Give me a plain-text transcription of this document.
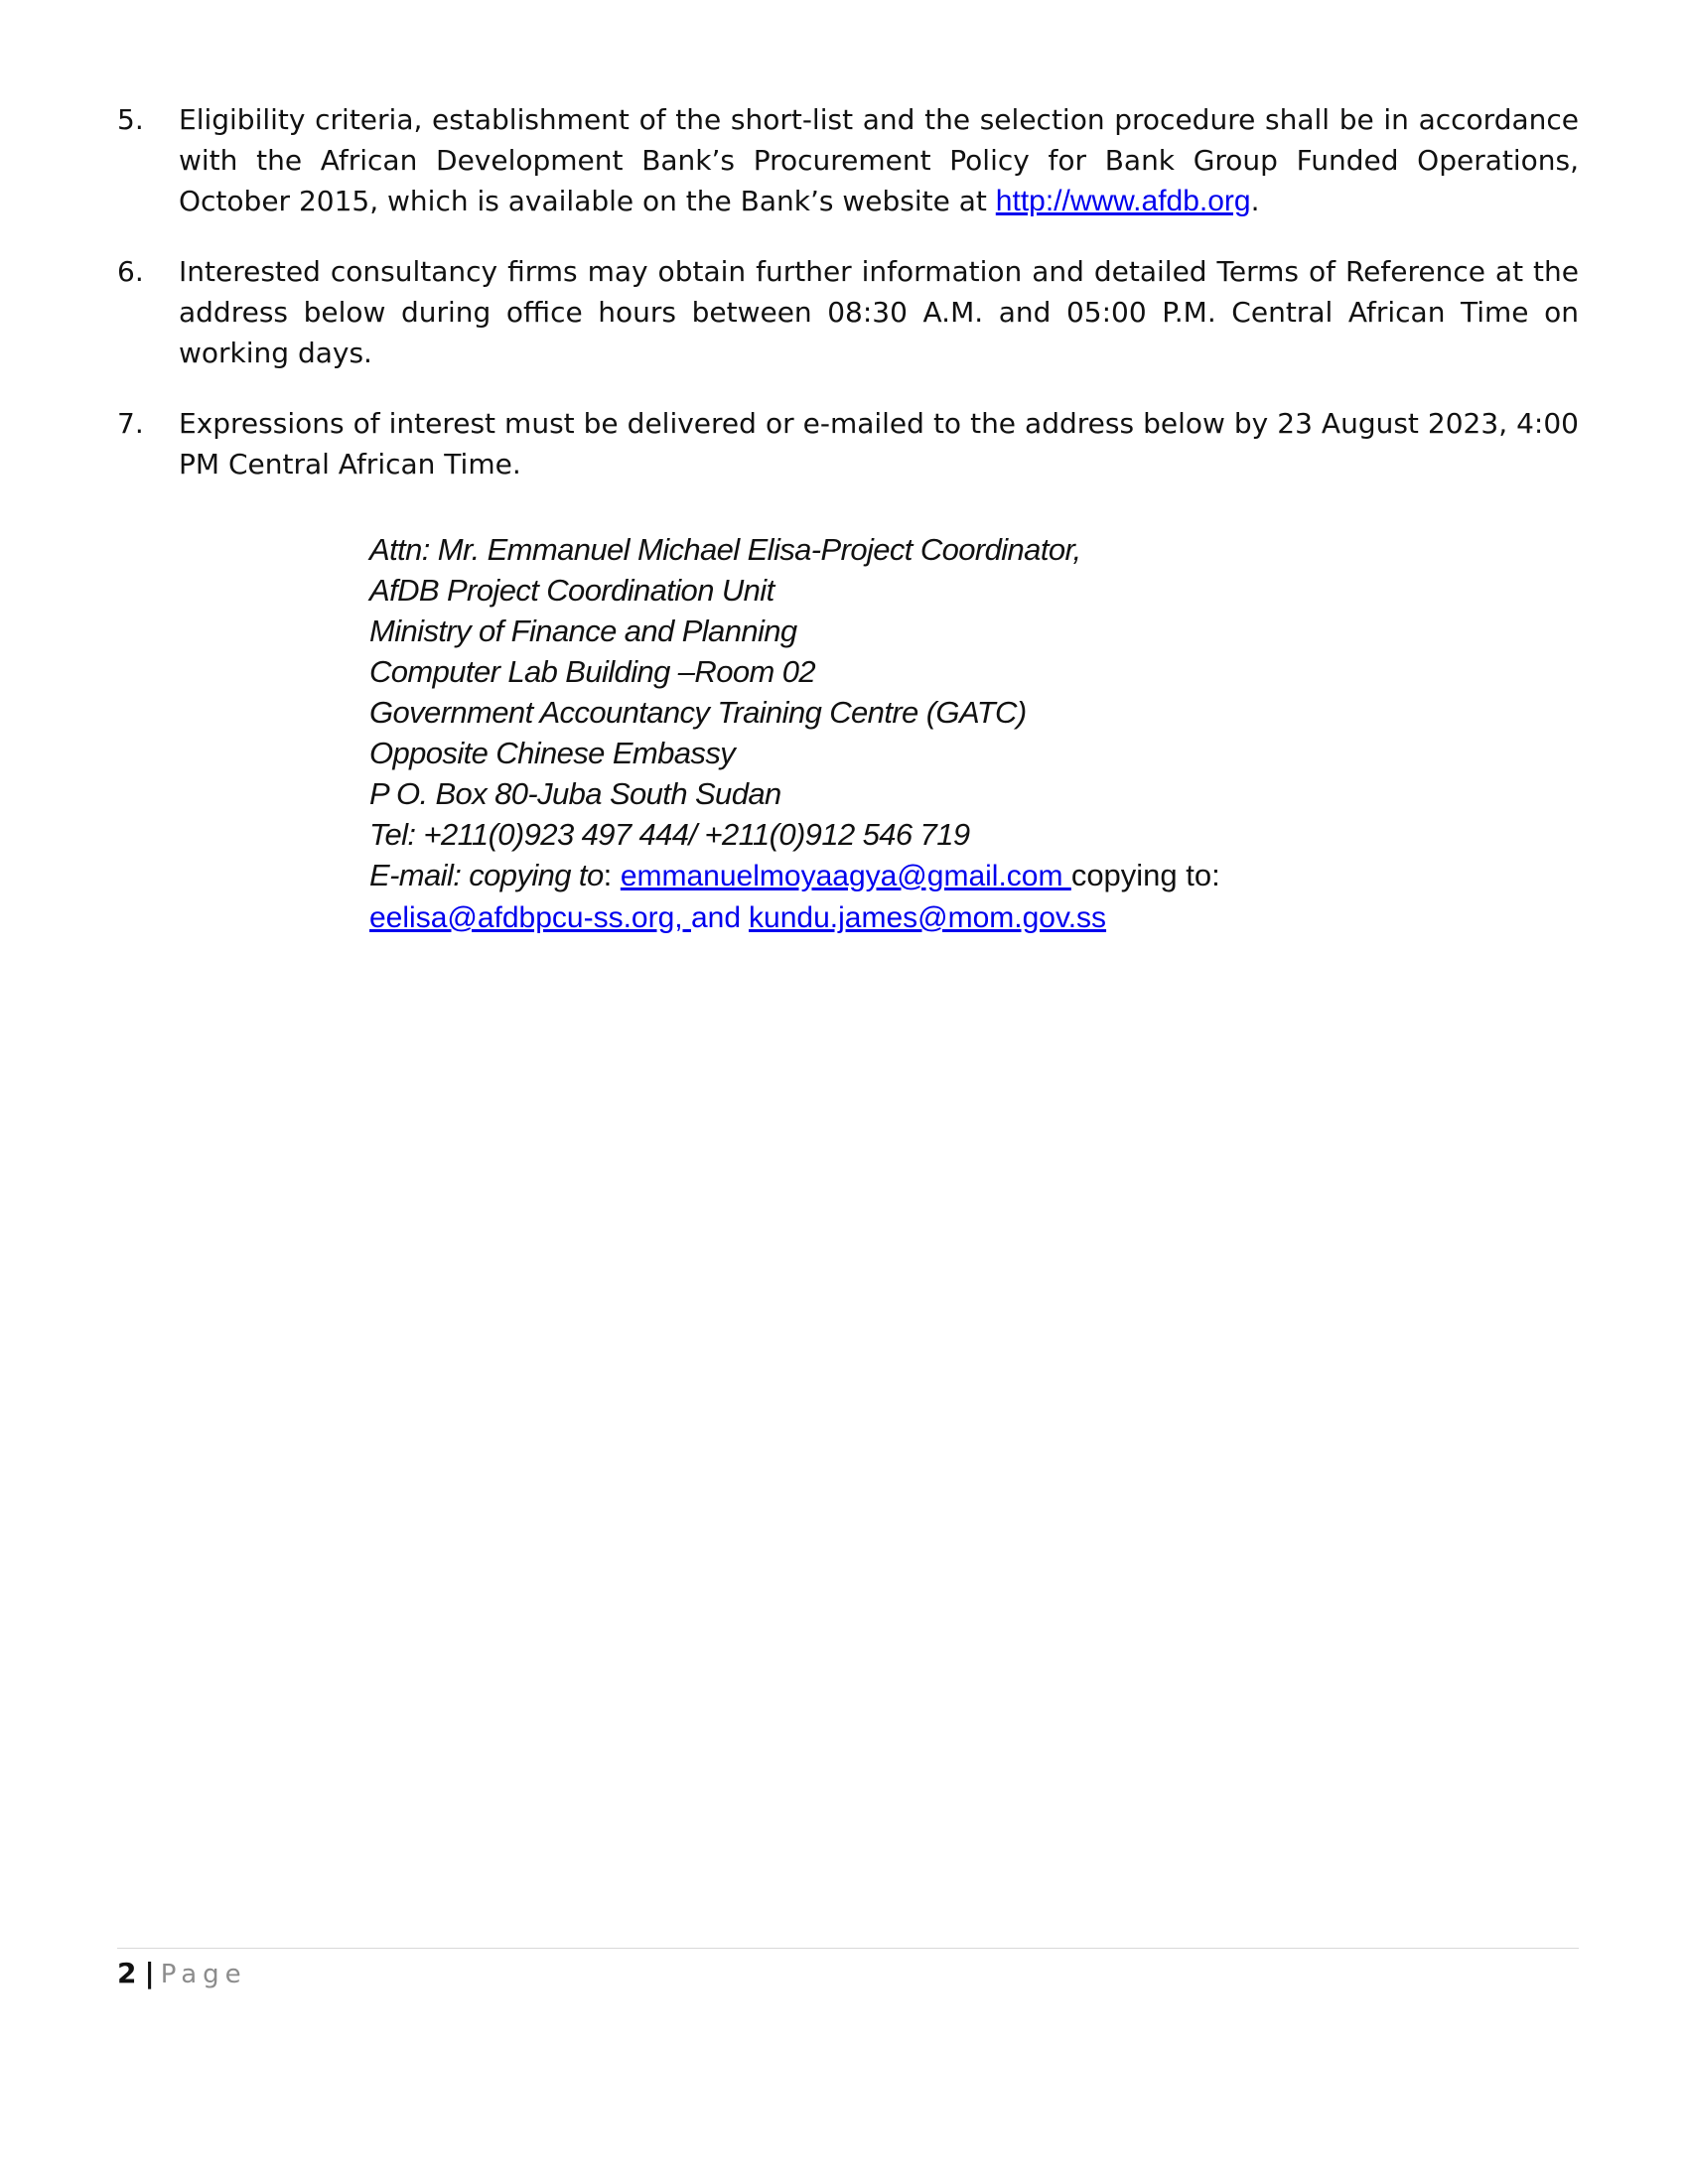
5.	Eligibility criteria, establishment of the short-list and the selection procedure shall be in accordance with the African Development Bank’s Procurement Policy for Bank Group Funded Operations, October 2015, which is available on the Bank’s website at http://www.afdb.org.
6.	Interested consultancy firms may obtain further information and detailed Terms of Reference at the address below during office hours between 08:30 A.M. and 05:00 P.M. Central African Time on working days.
7.	Expressions of interest must be delivered or e-mailed to the address below by 23 August 2023, 4:00 PM Central African Time.
Attn: Mr. Emmanuel Michael Elisa-Project Coordinator,
AfDB Project Coordination Unit
Ministry of Finance and Planning
Computer Lab Building –Room 02
Government Accountancy Training Centre (GATC)
Opposite Chinese Embassy
P O. Box 80-Juba South Sudan
Tel: +211(0)923 497 444/ +211(0)912 546 719
E-mail: copying to: emmanuelmoyaagya@gmail.com copying to:
eelisa@afdbpcu-ss.org, and kundu.james@mom.gov.ss
2 | Page
